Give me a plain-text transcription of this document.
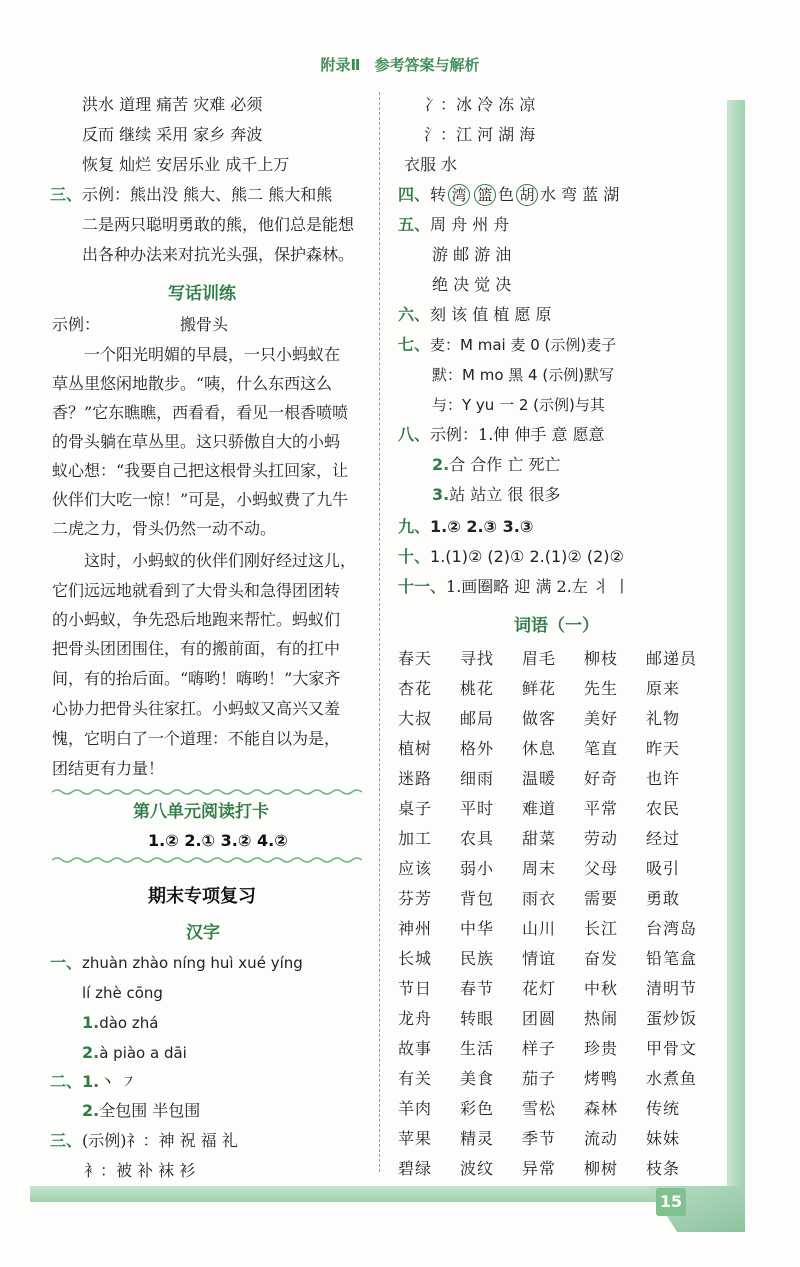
15
附录Ⅱ 参考答案与解析
洪水 道理 痛苦 灾难 必须
反而 继续 采用 家乡 奔波
恢复 灿烂 安居乐业 成千上万
三、示例：熊出没 熊大、熊二 熊大和熊
二是两只聪明勇敢的熊，他们总是能想
出各种办法来对抗光头强，保护森林。
写话训练
示例：	搬骨头
一个阳光明媚的早晨，一只小蚂蚁在
草丛里悠闲地散步。“咦，什么东西这么
香？”它东瞧瞧，西看看，看见一根香喷喷
的骨头躺在草丛里。这只骄傲自大的小蚂
蚁心想：“我要自己把这根骨头扛回家，让
伙伴们大吃一惊！”可是，小蚂蚁费了九牛
二虎之力，骨头仍然一动不动。
这时，小蚂蚁的伙伴们刚好经过这儿，
它们远远地就看到了大骨头和急得团团转
的小蚂蚁，争先恐后地跑来帮忙。蚂蚁们
把骨头团团围住，有的搬前面，有的扛中
间，有的抬后面。“嗨哟！嗨哟！”大家齐
心协力把骨头往家扛。小蚂蚁又高兴又羞
愧，它明白了一个道理：不能自以为是，
团结更有力量！
第八单元阅读打卡
1.② 2.① 3.② 4.②
期末专项复习
汉字
一、zhuàn zhào níng huì xué yíng
lí zhè cōng
1.dào zhá
2.à piào a dāi
二、1.丶 ㇇
2.全包围 半包围
三、(示例)礻：神 祝 福 礼
衤：被 补 袜 衫
冫：冰 冷 冻 凉
氵：江 河 湖 海
衣服 水
四、转 湾 篮 色 胡 水 弯 蓝 湖
五、周 舟 州 舟
游 邮 游 油
绝 决 觉 决
六、刻 该 值 植 愿 原
七、麦：M mai 麦 0 (示例)麦子
默：M mo 黑 4 (示例)默写
与：Y yu 一 2 (示例)与其
八、示例：1.伸 伸手 意 愿意
2.合 合作 亡 死亡
3.站 站立 很 很多
九、1.② 2.③ 3.③
十、1.(1)② (2)① 2.(1)② (2)②
十一、1.画圈略 迎 满 2.左 ⺦ 丨
词语（一）
春天 寻找 眉毛 柳枝 邮递员
杏花 桃花 鲜花 先生 原来
大叔 邮局 做客 美好 礼物
植树 格外 休息 笔直 昨天
迷路 细雨 温暖 好奇 也许
桌子 平时 难道 平常 农民
加工 农具 甜菜 劳动 经过
应该 弱小 周末 父母 吸引
芬芳 背包 雨衣 需要 勇敢
神州 中华 山川 长江 台湾岛
长城 民族 情谊 奋发 铅笔盒
节日 春节 花灯 中秋 清明节
龙舟 转眼 团圆 热闹 蛋炒饭
故事 生活 样子 珍贵 甲骨文
有关 美食 茄子 烤鸭 水煮鱼
羊肉 彩色 雪松 森林 传统
苹果 精灵 季节 流动 妹妹
碧绿 波纹 异常 柳树 枝条
